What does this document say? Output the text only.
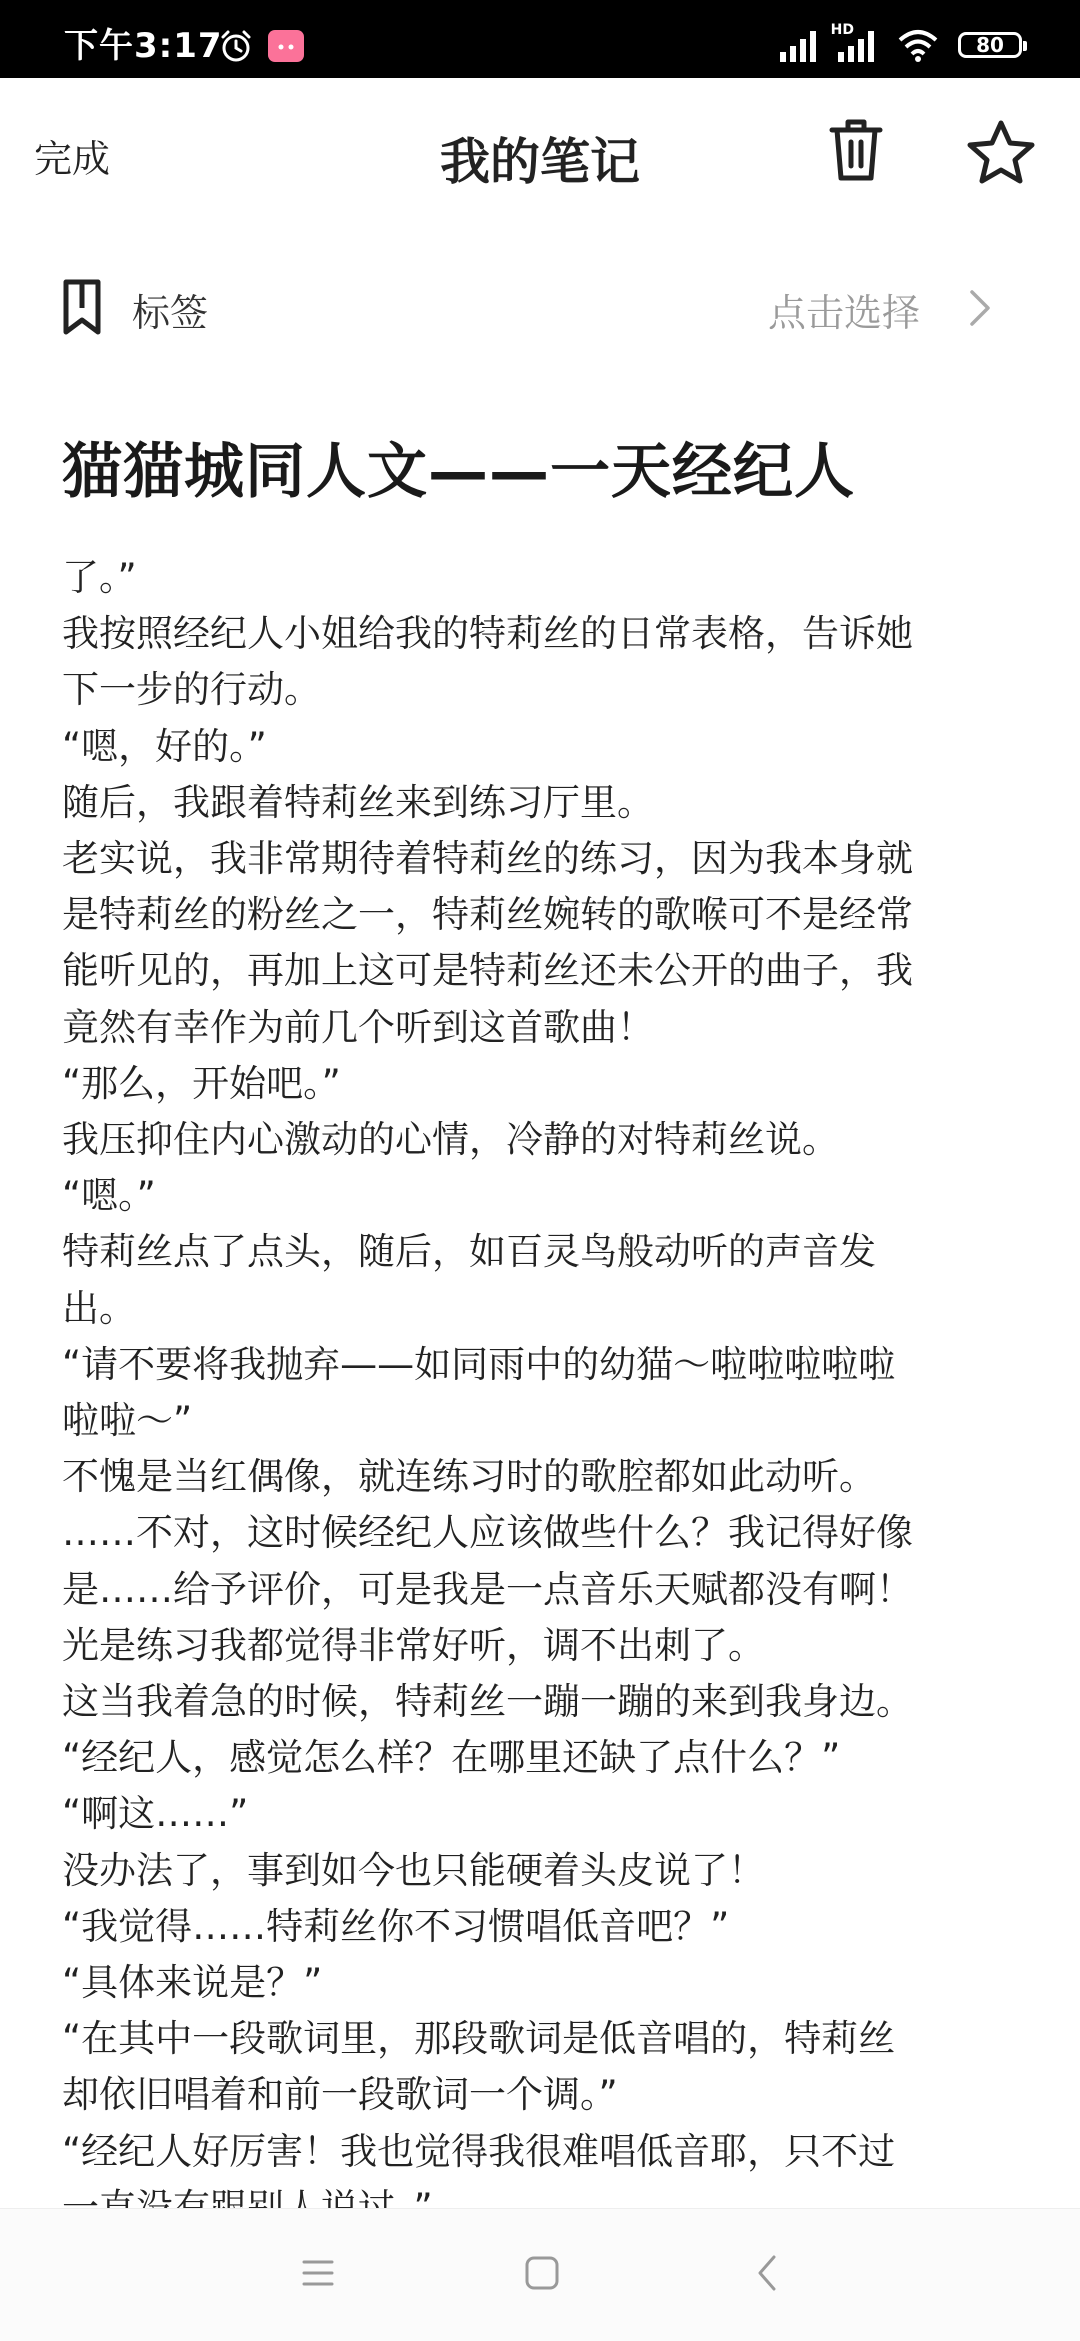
下午3:17	HD
80
完成	我的笔记
标签	点击选择
猫猫城同人文——一天经纪人
了。”
我按照经纪人小姐给我的特莉丝的日常表格，告诉她
下一步的行动。
“嗯，好的。”
随后，我跟着特莉丝来到练习厅里。
老实说，我非常期待着特莉丝的练习，因为我本身就
是特莉丝的粉丝之一，特莉丝婉转的歌喉可不是经常
能听见的，再加上这可是特莉丝还未公开的曲子，我
竟然有幸作为前几个听到这首歌曲！
“那么，开始吧。”
我压抑住内心激动的心情，冷静的对特莉丝说。
“嗯。”
特莉丝点了点头，随后，如百灵鸟般动听的声音发
出。
“请不要将我抛弃——如同雨中的幼猫～啦啦啦啦啦
啦啦～”
不愧是当红偶像，就连练习时的歌腔都如此动听。
……不对，这时候经纪人应该做些什么？我记得好像
是……给予评价，可是我是一点音乐天赋都没有啊！
光是练习我都觉得非常好听，调不出刺了。
这当我着急的时候，特莉丝一蹦一蹦的来到我身边。
“经纪人，感觉怎么样？在哪里还缺了点什么？”
“啊这……”
没办法了，事到如今也只能硬着头皮说了！
“我觉得……特莉丝你不习惯唱低音吧？”
“具体来说是？”
“在其中一段歌词里，那段歌词是低音唱的，特莉丝
却依旧唱着和前一段歌词一个调。”
“经纪人好厉害！我也觉得我很难唱低音耶，只不过
